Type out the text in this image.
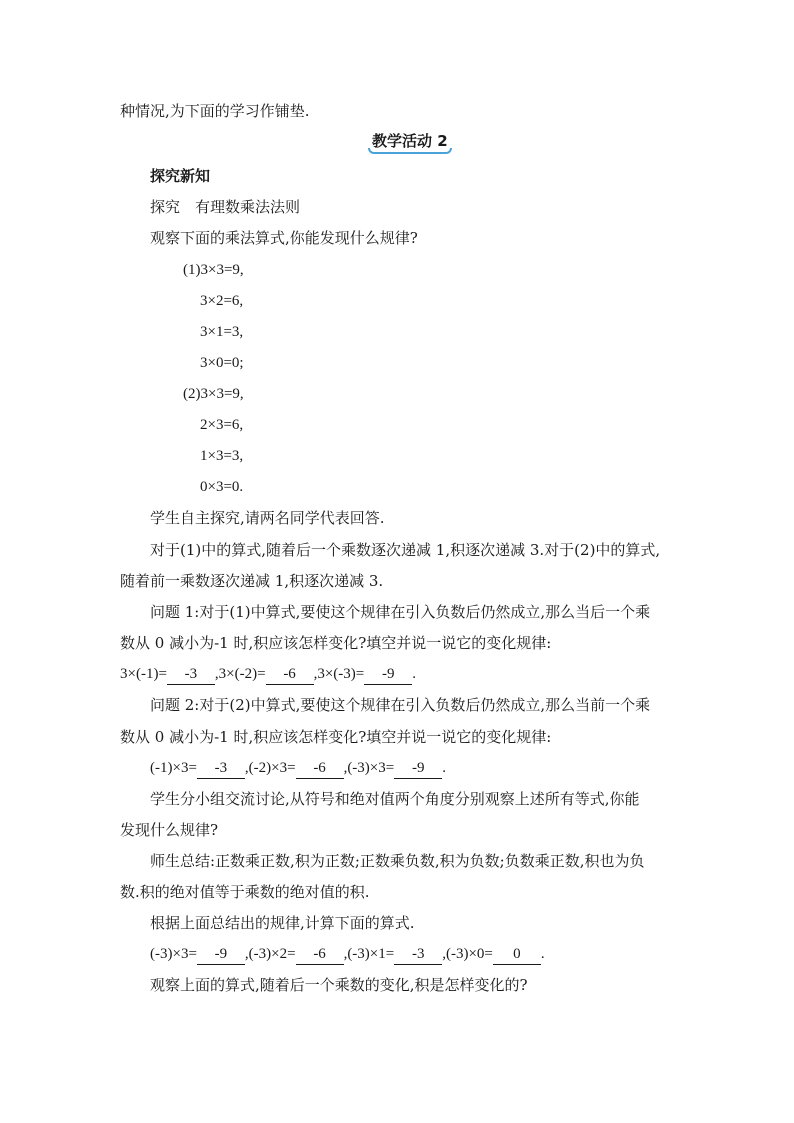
种情况,为下面的学习作铺垫.
教学活动 2
探究新知
探究　有理数乘法法则
观察下面的乘法算式,你能发现什么规律?
(1)3×3=9,
3×2=6,
3×1=3,
3×0=0;
(2)3×3=9,
2×3=6,
1×3=3,
0×3=0.
学生自主探究,请两名同学代表回答.
对于(1)中的算式,随着后一个乘数逐次递减 1,积逐次递减 3.对于(2)中的算式,
随着前一乘数逐次递减 1,积逐次递减 3.
问题 1:对于(1)中算式,要使这个规律在引入负数后仍然成立,那么当后一个乘
数从 0 减小为-1 时,积应该怎样变化?填空并说一说它的变化规律:
3×(-1)= -3 ,3×(-2)= -6 ,3×(-3)= -9 .
问题 2:对于(2)中算式,要使这个规律在引入负数后仍然成立,那么当前一个乘
数从 0 减小为-1 时,积应该怎样变化?填空并说一说它的变化规律:
(-1)×3= -3 ,(-2)×3= -6 ,(-3)×3= -9 .
学生分小组交流讨论,从符号和绝对值两个角度分别观察上述所有等式,你能
发现什么规律?
师生总结:正数乘正数,积为正数;正数乘负数,积为负数;负数乘正数,积也为负
数.积的绝对值等于乘数的绝对值的积.
根据上面总结出的规律,计算下面的算式.
(-3)×3= -9 ,(-3)×2= -6 ,(-3)×1= -3 ,(-3)×0= 0 .
观察上面的算式,随着后一个乘数的变化,积是怎样变化的?
